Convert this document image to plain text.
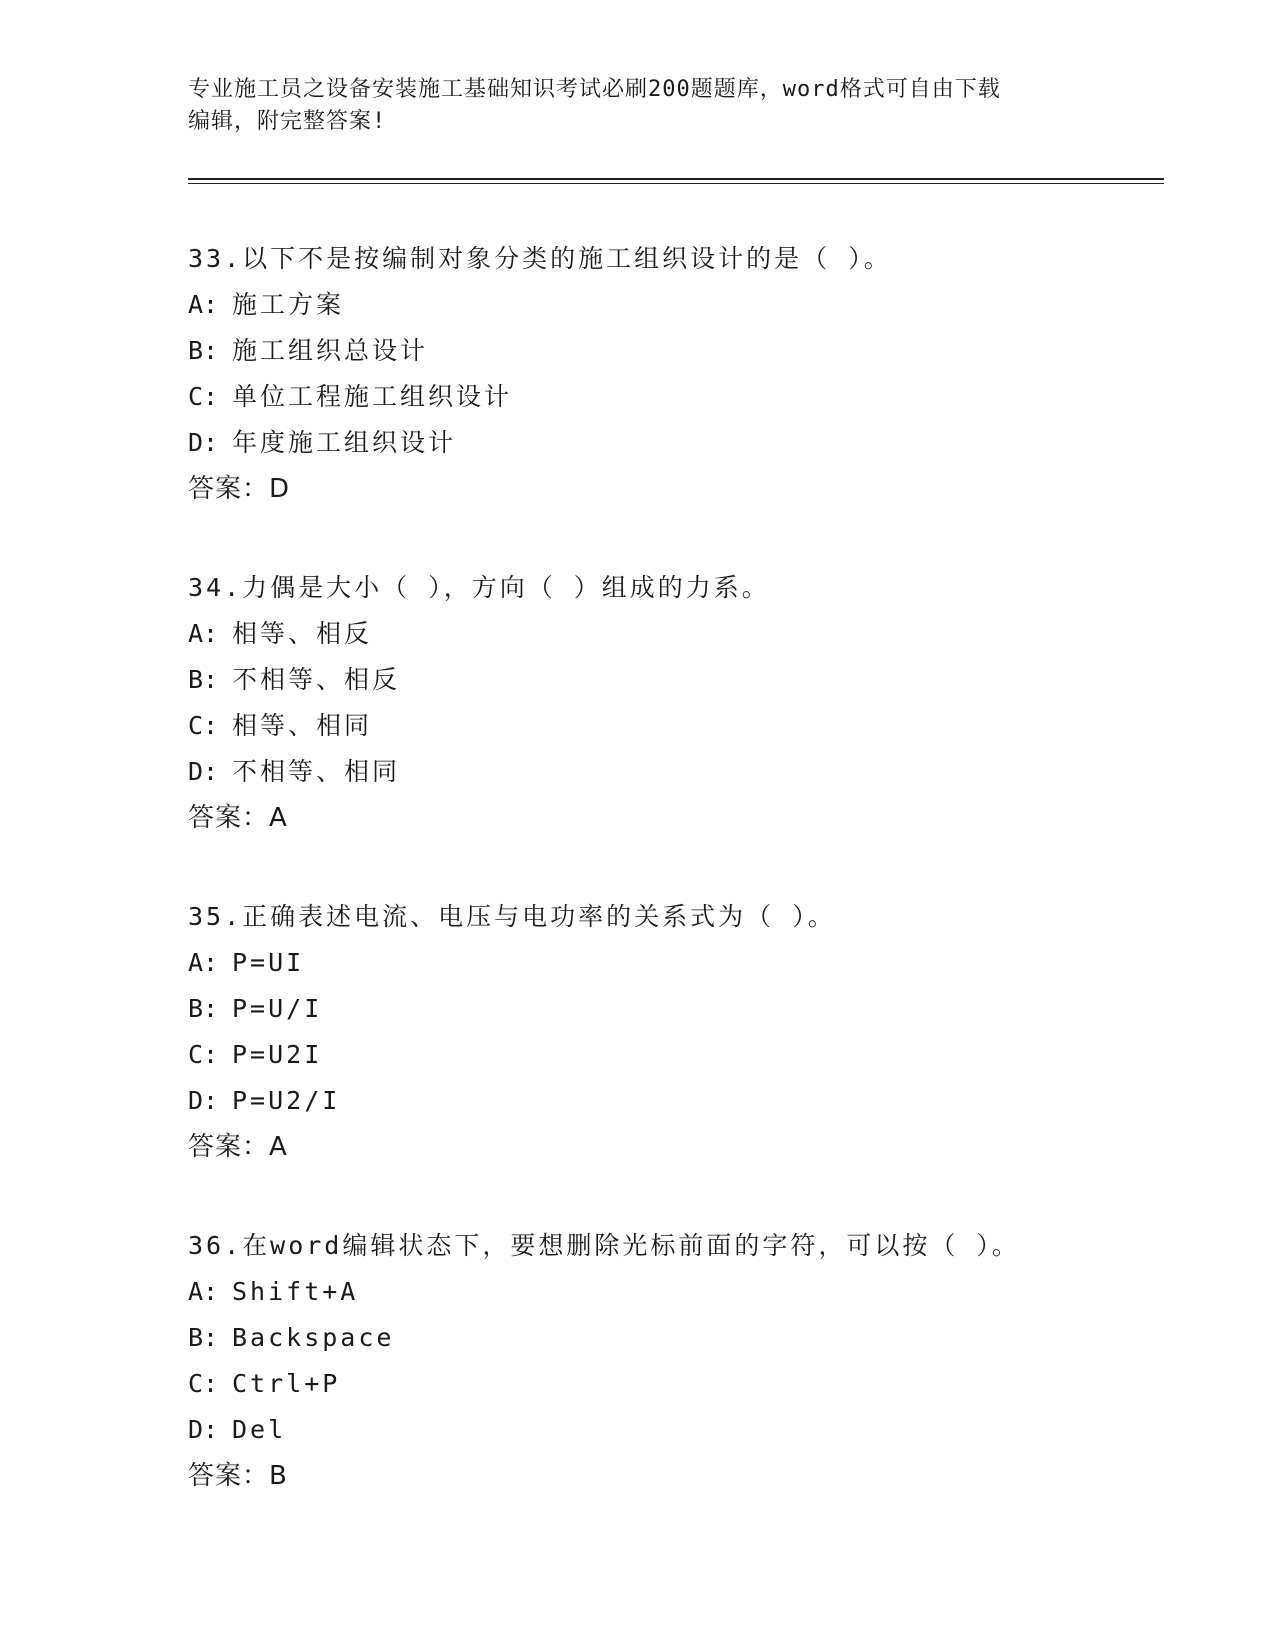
专业施工员之设备安装施工基础知识考试必刷200题题库，word格式可自由下载
编辑，附完整答案!
33.以下不是按编制对象分类的施工组织设计的是（ ）。
A: 施工方案
B: 施工组织总设计
C: 单位工程施工组织设计
D: 年度施工组织设计
答案：D
34.力偶是大小（ ），方向（ ）组成的力系。
A: 相等、相反
B: 不相等、相反
C: 相等、相同
D: 不相等、相同
答案：A
35.正确表述电流、电压与电功率的关系式为（ ）。
A: P=UI
B: P=U/I
C: P=U2I
D: P=U2/I
答案：A
36.在word编辑状态下，要想删除光标前面的字符，可以按（ ）。
A: Shift+A
B: Backspace
C: Ctrl+P
D: Del
答案：B
